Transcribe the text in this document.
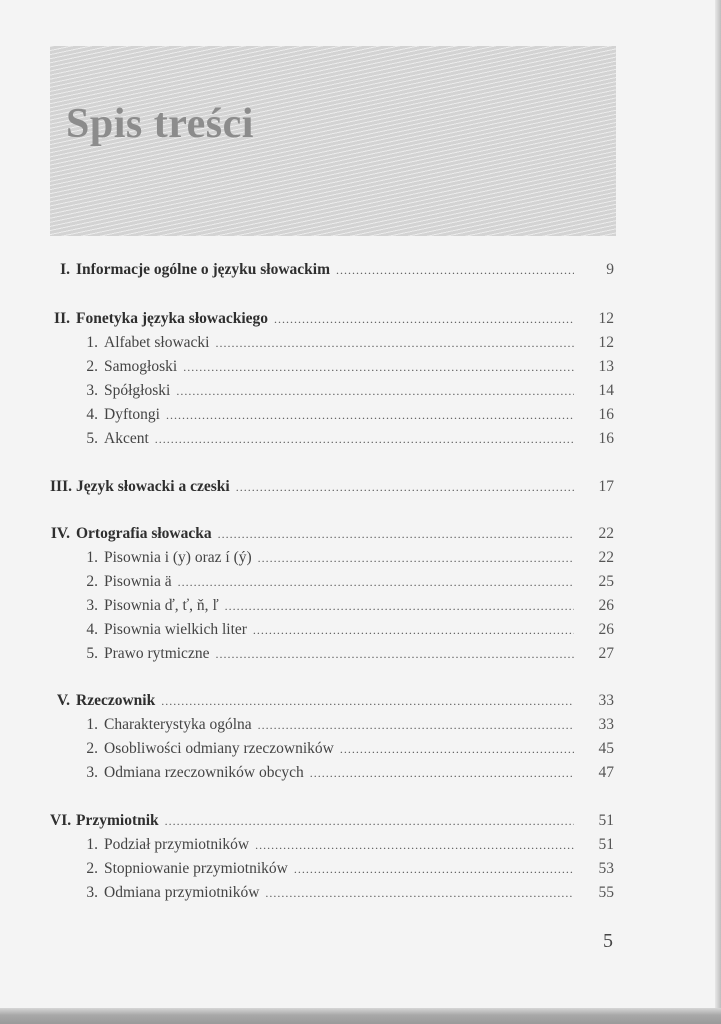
Spis treści
I. Informacje ogólne o języku słowackim .....	9
II. Fonetyka języka słowackiego .....	12
1. Alfabet słowacki .....	12
2. Samogłoski .....	13
3. Spółgłoski .....	14
4. Dyftongi .....	16
5. Akcent .....	16
III. Język słowacki a czeski .....	17
IV. Ortografia słowacka .....	22
1. Pisownia i (y) oraz í (ý) .....	22
2. Pisownia ä .....	25
3. Pisownia ď, ť, ň, ľ .....	26
4. Pisownia wielkich liter .....	26
5. Prawo rytmiczne .....	27
V. Rzeczownik .....	33
1. Charakterystyka ogólna .....	33
2. Osobliwości odmiany rzeczowników .....	45
3. Odmiana rzeczowników obcych .....	47
VI. Przymiotnik .....	51
1. Podział przymiotników .....	51
2. Stopniowanie przymiotników .....	53
3. Odmiana przymiotników .....	55
5
